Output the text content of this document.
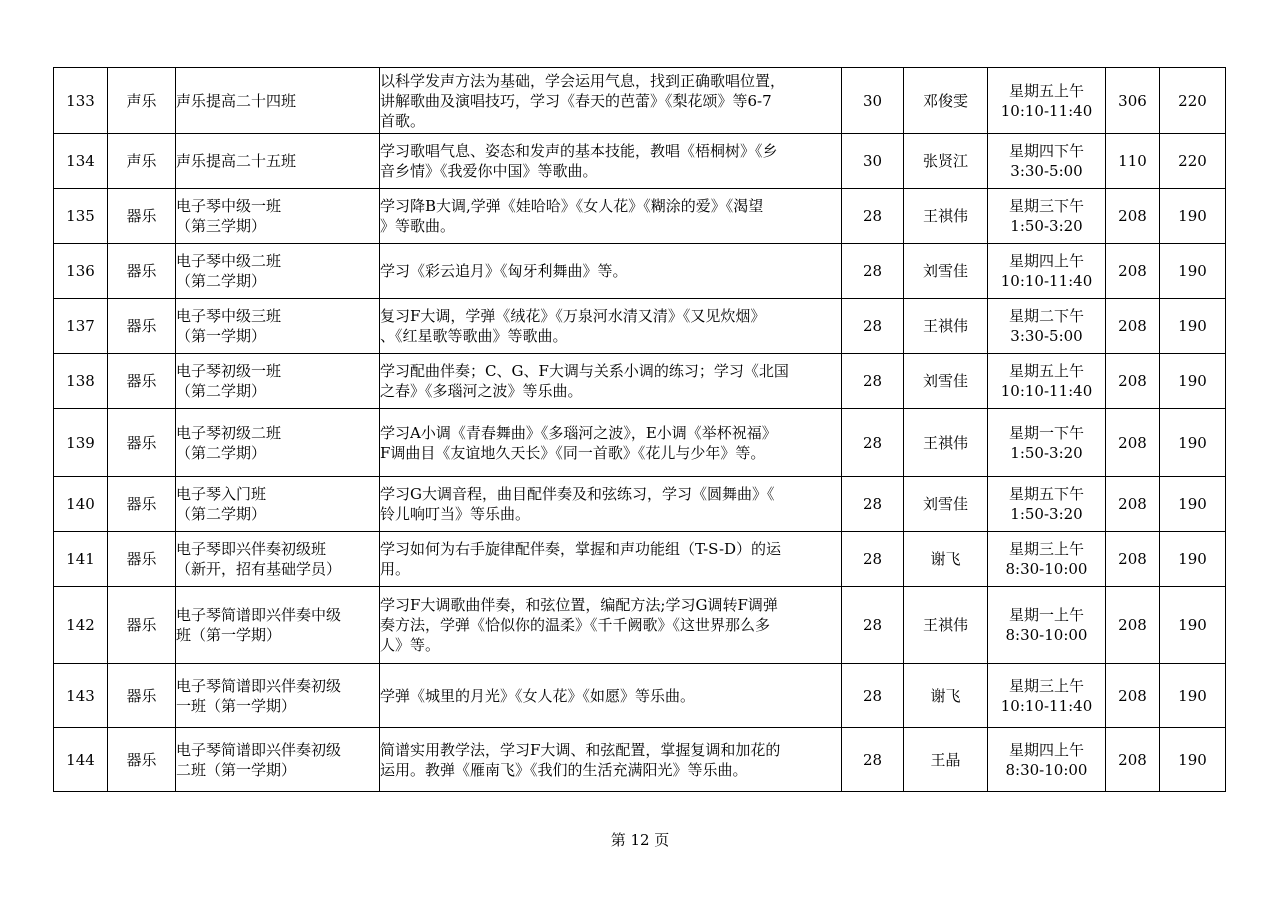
133	声乐	声乐提高二十四班	以科学发声方法为基础，学会运用气息，找到正确歌唱位置，
讲解歌曲及演唱技巧，学习《春天的芭蕾》《梨花颂》等6-7
首歌。	30	邓俊雯	星期五上午
10:10-11:40	306	220
134	声乐	声乐提高二十五班	学习歌唱气息、姿态和发声的基本技能，教唱《梧桐树》《乡
音乡情》《我爱你中国》等歌曲。	30	张贤江	星期四下午
3:30-5:00	110	220
135	器乐	电子琴中级一班
（第三学期）	学习降B大调,学弹《娃哈哈》《女人花》《糊涂的爱》《渴望
》等歌曲。	28	王祺伟	星期三下午
1:50-3:20	208	190
136	器乐	电子琴中级二班
（第二学期）	学习《彩云追月》《匈牙利舞曲》等。	28	刘雪佳	星期四上午
10:10-11:40	208	190
137	器乐	电子琴中级三班
（第一学期）	复习F大调，学弹《绒花》《万泉河水清又清》《又见炊烟》
、《红星歌等歌曲》等歌曲。	28	王祺伟	星期二下午
3:30-5:00	208	190
138	器乐	电子琴初级一班
（第二学期）	学习配曲伴奏；C、G、F大调与关系小调的练习；学习《北国
之春》《多瑙河之波》等乐曲。	28	刘雪佳	星期五上午
10:10-11:40	208	190
139	器乐	电子琴初级二班
（第二学期）	学习A小调《青春舞曲》《多瑙河之波》，E小调《举杯祝福》
F调曲目《友谊地久天长》《同一首歌》《花儿与少年》等。	28	王祺伟	星期一下午
1:50-3:20	208	190
140	器乐	电子琴入门班
（第二学期）	学习G大调音程，曲目配伴奏及和弦练习，学习《圆舞曲》《
铃儿响叮当》等乐曲。	28	刘雪佳	星期五下午
1:50-3:20	208	190
141	器乐	电子琴即兴伴奏初级班
（新开，招有基础学员）	学习如何为右手旋律配伴奏，掌握和声功能组（T-S-D）的运
用。	28	谢飞	星期三上午
8:30-10:00	208	190
142	器乐	电子琴简谱即兴伴奏中级
班（第一学期）	学习F大调歌曲伴奏，和弦位置，编配方法;学习G调转F调弹
奏方法，学弹《恰似你的温柔》《千千阙歌》《这世界那么多
人》等。	28	王祺伟	星期一上午
8:30-10:00	208	190
143	器乐	电子琴简谱即兴伴奏初级
一班（第一学期）	学弹《城里的月光》《女人花》《如愿》等乐曲。	28	谢飞	星期三上午
10:10-11:40	208	190
144	器乐	电子琴简谱即兴伴奏初级
二班（第一学期）	简谱实用教学法，学习F大调、和弦配置，掌握复调和加花的
运用。教弹《雁南飞》《我们的生活充满阳光》等乐曲。	28	王晶	星期四上午
8:30-10:00	208	190
第 12 页
